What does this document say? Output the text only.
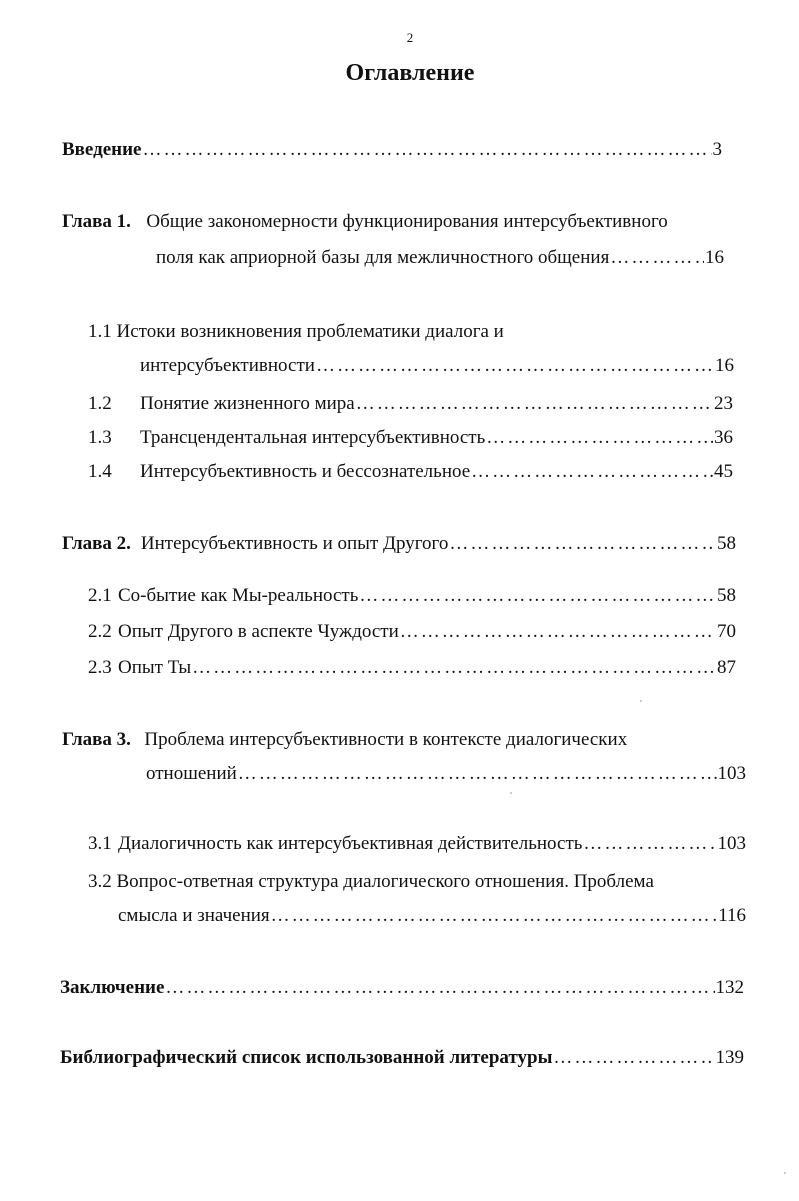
2
Оглавление
Введение ……………………………………………………………………………………………………………………………………………………………………	3
Глава 1. Общие закономерности функционирования интерсубъективного
поля как априорной базы для межличностного общения ……………………………………………………………………………………………………………………………………………………………………	16
1.1 Истоки возникновения проблематики диалога и
интерсубъективности ……………………………………………………………………………………………………………………………………………………………………	16
1.2	Понятие жизненного мира ……………………………………………………………………………………………………………………………………………………………………	23
1.3	Трансцендентальная интерсубъективность ……………………………………………………………………………………………………………………………………………………………………	36
1.4	Интерсубъективность и бессознательное ……………………………………………………………………………………………………………………………………………………………………	45
Глава 2. Интерсубъективность и опыт Другого ……………………………………………………………………………………………………………………………………………………………………	58
2.1 Со-бытие как Мы-реальность ……………………………………………………………………………………………………………………………………………………………………	58
2.2 Опыт Другого в аспекте Чуждости ……………………………………………………………………………………………………………………………………………………………………	70
2.3 Опыт Ты ……………………………………………………………………………………………………………………………………………………………………	87
Глава 3. Проблема интерсубъективности в контексте диалогических
отношений ……………………………………………………………………………………………………………………………………………………………………	103
3.1 Диалогичность как интерсубъективная действительность ……………………………………………………………………………………………………………………………………………………………………	103
3.2 Вопрос-ответная структура диалогического отношения. Проблема
смысла и значения ……………………………………………………………………………………………………………………………………………………………………	116
Заключение ……………………………………………………………………………………………………………………………………………………………………	132
Библиографический список использованной литературы ……………………………………………………………………………………………………………………………………………………………………	139
